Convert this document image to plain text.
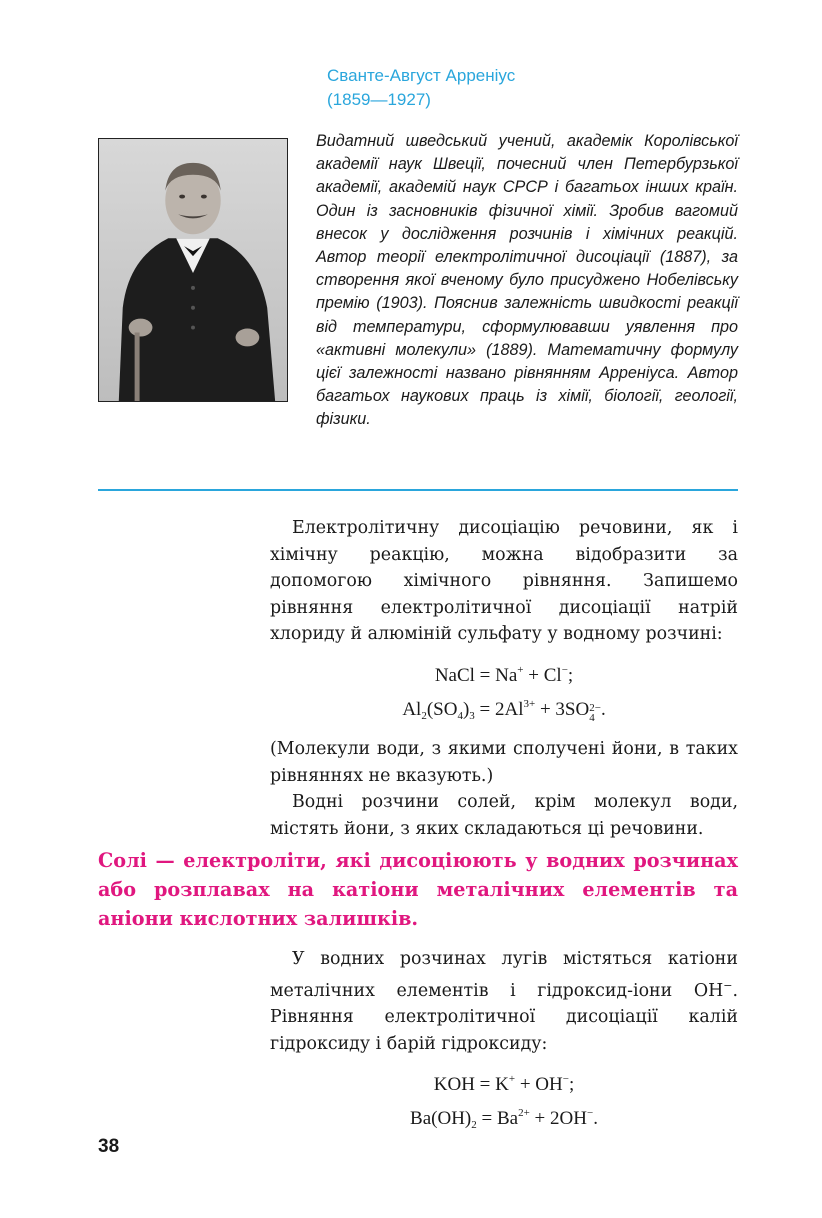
Сванте-Август Арреніус
(1859—1927)
Видатний шведський учений, академік Королівської академії наук Швеції, почесний член Петербурзької академії, академій наук СРСР і багатьох інших країн. Один із засновників фізичної хімії. Зробив вагомий внесок у дослідження розчинів і хімічних реакцій. Автор теорії електролітичної дисоціації (1887), за створення якої вченому було присуджено Нобелівську премію (1903). Пояснив залежність швидкості реакції від температури, сформулювавши уявлення про «активні молекули» (1889). Математичну формулу цієї залежності названо рівнянням Арреніуса. Автор багатьох наукових праць із хімії, біології, геології, фізики.

Електролітичну дисоціацію речовини, як і хімічну реакцію, можна відобразити за допомогою хімічного рівняння. Запишемо рівняння електролітичної дисоціації натрій хлориду й алюміній сульфату у водному розчині:

NaCl = Na+ + Cl−;

$Al_2(SO_4)_3 = 2Al^{3+} + 3SO$ 2−
4 .

(Молекули води, з якими сполучені йони, в таких рівняннях не вказують.)

Водні розчини солей, крім молекул води, містять йони, з яких складаються ці речовини.

Солі — електроліти, які дисоціюють у водних розчинах або розплавах на катіони металічних елементів та аніони кислотних залишків.

У водних розчинах лугів містяться катіони металічних елементів і гідроксид-іони OH−. Рівняння електролітичної дисоціації калій гідроксиду і барій гідроксиду:

KOH = K+ + OH−;

$Ba(OH)_2 = Ba^{2+} + 2OH^-$.

38
